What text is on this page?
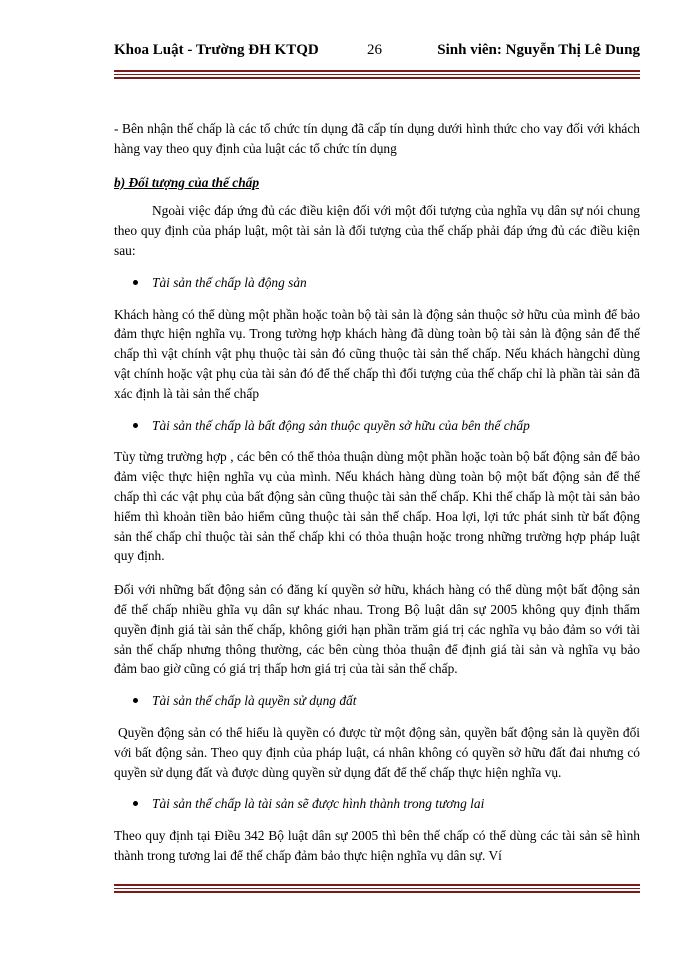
Khoa Luật - Trường ĐH KTQD	26	Sinh viên: Nguyễn Thị Lê Dung

- Bên nhận thế chấp là các tổ chức tín dụng đã cấp tín dụng dưới hình thức cho vay đối với khách hàng vay theo quy định của luật các tổ chức tín dụng

b) Đối tượng của thế chấp

Ngoài việc đáp ứng đủ các điều kiện đối với một đối tượng của nghĩa vụ dân sự nói chung theo quy định của pháp luật, một tài sản là đối tượng của thế chấp phải đáp ứng đủ các điều kiện sau:

Tài sản thế chấp là động sản

Khách hàng có thể dùng một phần hoặc toàn bộ tài sản là động sản thuộc sở hữu của mình để bảo đảm thực hiện nghĩa vụ. Trong tường hợp khách hàng đã dùng toàn bộ tài sản là động sản để thế chấp thì vật chính vật phụ thuộc tài sản đó cũng thuộc tài sản thế chấp. Nếu khách hàngchỉ dùng vật chính hoặc vật phụ của tài sản đó để thế chấp thì đối tượng của thế chấp chỉ là phần tài sản đã xác định là tài sản thế chấp

Tài sản thế chấp là bất động sản thuộc quyền sở hữu của bên thế chấp

Tùy từng trường hợp , các bên có thể thỏa thuận dùng một phần hoặc toàn bộ bất động sản để bảo đảm việc thực hiện nghĩa vụ của mình. Nếu khách hàng dùng toàn bộ một bất động sản để thế chấp thì các vật phụ của bất động sản cũng thuộc tài sản thế chấp. Khi thế chấp là một tài sản bảo hiểm thì khoản tiền bảo hiểm cũng thuộc tài sản thế chấp. Hoa lợi, lợi tức phát sinh từ bất động sản thế chấp chỉ thuộc tài sản thế chấp khi có thỏa thuận hoặc trong những trường hợp pháp luật quy định.

Đối với những bất động sản có đăng kí quyền sở hữu, khách hàng có thể dùng một bất động sản để thế chấp nhiều ghĩa vụ dân sự khác nhau. Trong Bộ luật dân sự 2005 không quy định thẩm quyền định giá tài sản thế chấp, không giới hạn phần trăm giá trị các nghĩa vụ bảo đảm so với tài sản thế chấp nhưng thông thường, các bên cùng thỏa thuận để định giá tài sản và nghĩa vụ bảo đảm bao giờ cũng có giá trị thấp hơn giá trị của tài sản thế chấp.

Tài sản thế chấp là quyền sử dụng đất

Quyền động sản có thể hiểu là quyền có được từ một động sản, quyền bất động sản là quyền đối với bất động sản. Theo quy định của pháp luật, cá nhân không có quyền sở hữu đất đai nhưng có quyền sử dụng đất và được dùng quyền sử dụng đất để thế chấp thực hiện nghĩa vụ.

Tài sản thế chấp là tài sản sẽ được hình thành trong tương lai

Theo quy định tại Điều 342 Bộ luật dân sự 2005 thì bên thế chấp có thể dùng các tài sản sẽ hình thành trong tương lai để thế chấp đảm bảo thực hiện nghĩa vụ dân sự. Ví
